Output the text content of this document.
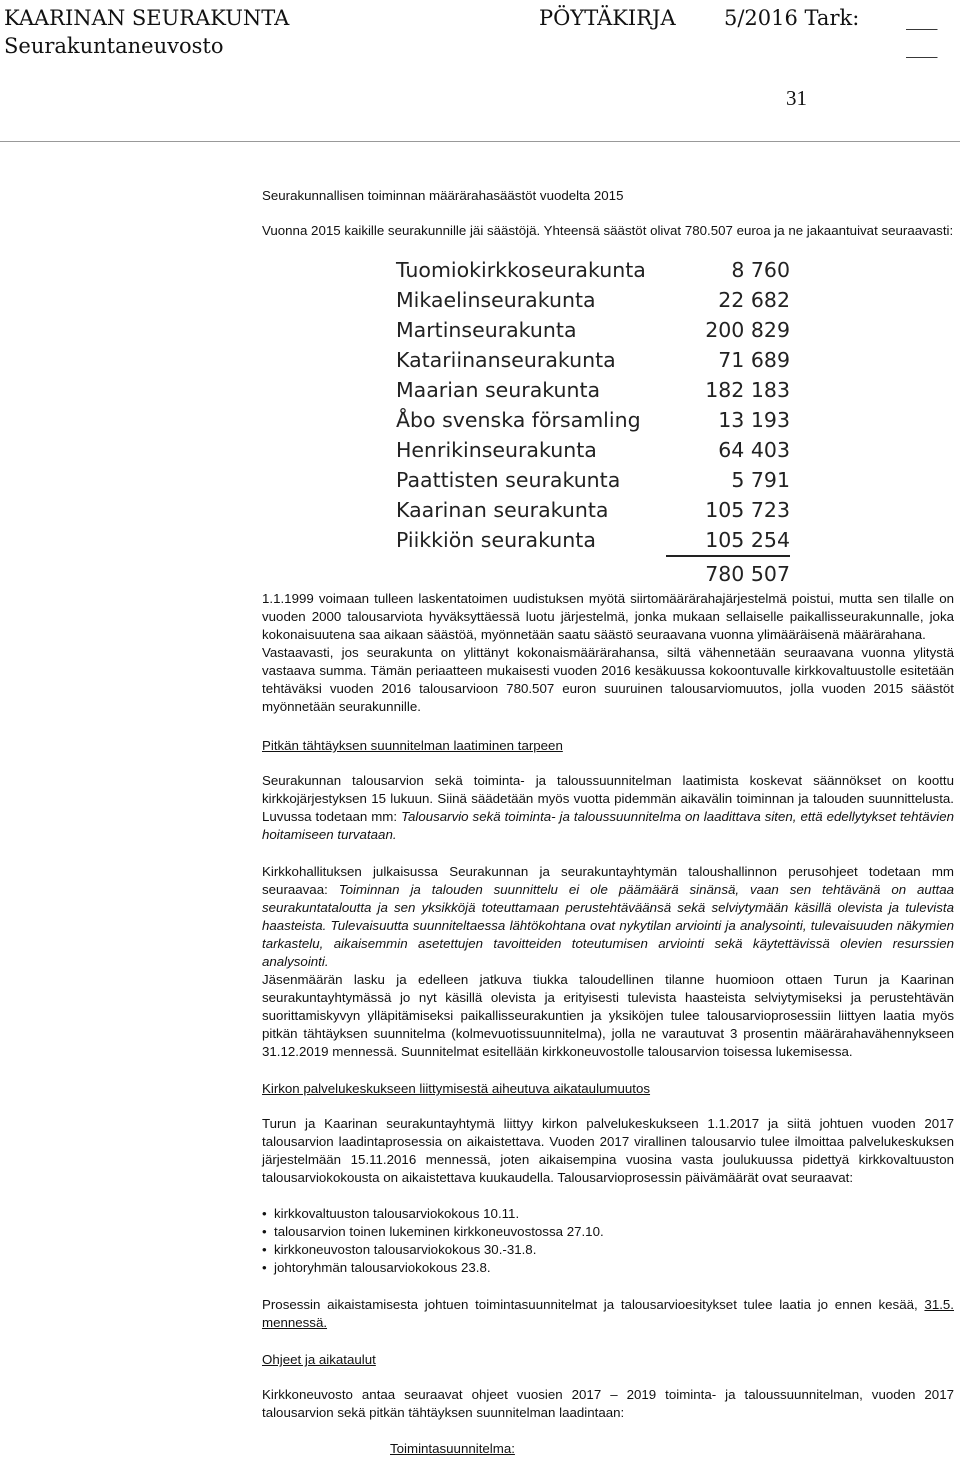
KAARINAN SEURAKUNTA	PÖYTÄKIRJA 5/2016 Tark: ___
Seurakuntaneuvosto	___
31
Seurakunnallisen toiminnan määrärahasäästöt vuodelta 2015
Vuonna 2015 kaikille seurakunnille jäi säästöjä. Yhteensä säästöt olivat 780.507 euroa ja ne jakaantuivat seuraavasti:
Tuomiokirkkoseurakunta	8 760
Mikaelinseurakunta	22 682
Martinseurakunta	200 829
Katariinanseurakunta	71 689
Maarian seurakunta	182 183
Åbo svenska församling	13 193
Henrikinseurakunta	64 403
Paattisten seurakunta	5 791
Kaarinan seurakunta	105 723
Piikkiön seurakunta	105 254
780 507
1.1.1999 voimaan tulleen laskentatoimen uudistuksen myötä siirtomäärärahajärjestelmä poistui, mutta sen tilalle on vuoden 2000 talousarviota hyväksyttäessä luotu järjestelmä, jonka mukaan sellaiselle paikallisseurakunnalle, joka kokonaisuutena saa aikaan säästöä, myönnetään saatu säästö seuraavana vuonna ylimääräisenä määrärahana.
Vastaavasti, jos seurakunta on ylittänyt kokonaismäärärahansa, siltä vähennetään seuraavana vuonna ylitystä vastaava summa. Tämän periaatteen mukaisesti vuoden 2016 kesäkuussa kokoontuvalle kirkkovaltuustolle esitetään tehtäväksi vuoden 2016 talousarvioon 780.507 euron suuruinen talousarviomuutos, jolla vuoden 2015 säästöt myönnetään seurakunnille.
Pitkän tähtäyksen suunnitelman laatiminen tarpeen
Seurakunnan talousarvion sekä toiminta- ja taloussuunnitelman laatimista koskevat säännökset on koottu kirkkojärjestyksen 15 lukuun. Siinä säädetään myös vuotta pidemmän aikavälin toiminnan ja talouden suunnittelusta. Luvussa todetaan mm: Talousarvio sekä toiminta- ja taloussuunnitelma on laadittava siten, että edellytykset tehtävien hoitamiseen turvataan.
Kirkkohallituksen julkaisussa Seurakunnan ja seurakuntayhtymän taloushallinnon perusohjeet todetaan mm seuraavaa: Toiminnan ja talouden suunnittelu ei ole päämäärä sinänsä, vaan sen tehtävänä on auttaa seurakuntataloutta ja sen yksikköjä toteuttamaan perustehtäväänsä sekä selviytymään käsillä olevista ja tulevista haasteista. Tulevaisuutta suunniteltaessa lähtökohtana ovat nykytilan arviointi ja analysointi, tulevaisuuden näkymien tarkastelu, aikaisemmin asetettujen tavoitteiden toteutumisen arviointi sekä käytettävissä olevien resurssien analysointi.
Jäsenmäärän lasku ja edelleen jatkuva tiukka taloudellinen tilanne huomioon ottaen Turun ja Kaarinan seurakuntayhtymässä jo nyt käsillä olevista ja erityisesti tulevista haasteista selviytymiseksi ja perustehtävän suorittamiskyvyn ylläpitämiseksi paikallisseurakuntien ja yksiköjen tulee talousarvioprosessiin liittyen laatia myös pitkän tähtäyksen suunnitelma (kolmevuotissuunnitelma), jolla ne varautuvat 3 prosentin määrärahavähennykseen 31.12.2019 mennessä. Suunnitelmat esitellään kirkkoneuvostolle talousarvion toisessa lukemisessa.
Kirkon palvelukeskukseen liittymisestä aiheutuva aikataulumuutos
Turun ja Kaarinan seurakuntayhtymä liittyy kirkon palvelukeskukseen 1.1.2017 ja siitä johtuen vuoden 2017 talousarvion laadintaprosessia on aikaistettava. Vuoden 2017 virallinen talousarvio tulee ilmoittaa palvelukeskuksen järjestelmään 15.11.2016 mennessä, joten aikaisempina vuosina vasta joulukuussa pidettyä kirkkovaltuuston talousarviokokousta on aikaistettava kuukaudella. Talousarvioprosessin päivämäärät ovat seuraavat:
• kirkkovaltuuston talousarviokokous 10.11.
• talousarvion toinen lukeminen kirkkoneuvostossa 27.10.
• kirkkoneuvoston talousarviokokous 30.-31.8.
• johtoryhmän talousarviokokous 23.8.
Prosessin aikaistamisesta johtuen toimintasuunnitelmat ja talousarvioesitykset tulee laatia jo ennen kesää, 31.5. mennessä.
Ohjeet ja aikataulut
Kirkkoneuvosto antaa seuraavat ohjeet vuosien 2017 – 2019 toiminta- ja taloussuunnitelman, vuoden 2017 talousarvion sekä pitkän tähtäyksen suunnitelman laadintaan:
Toimintasuunnitelma:
